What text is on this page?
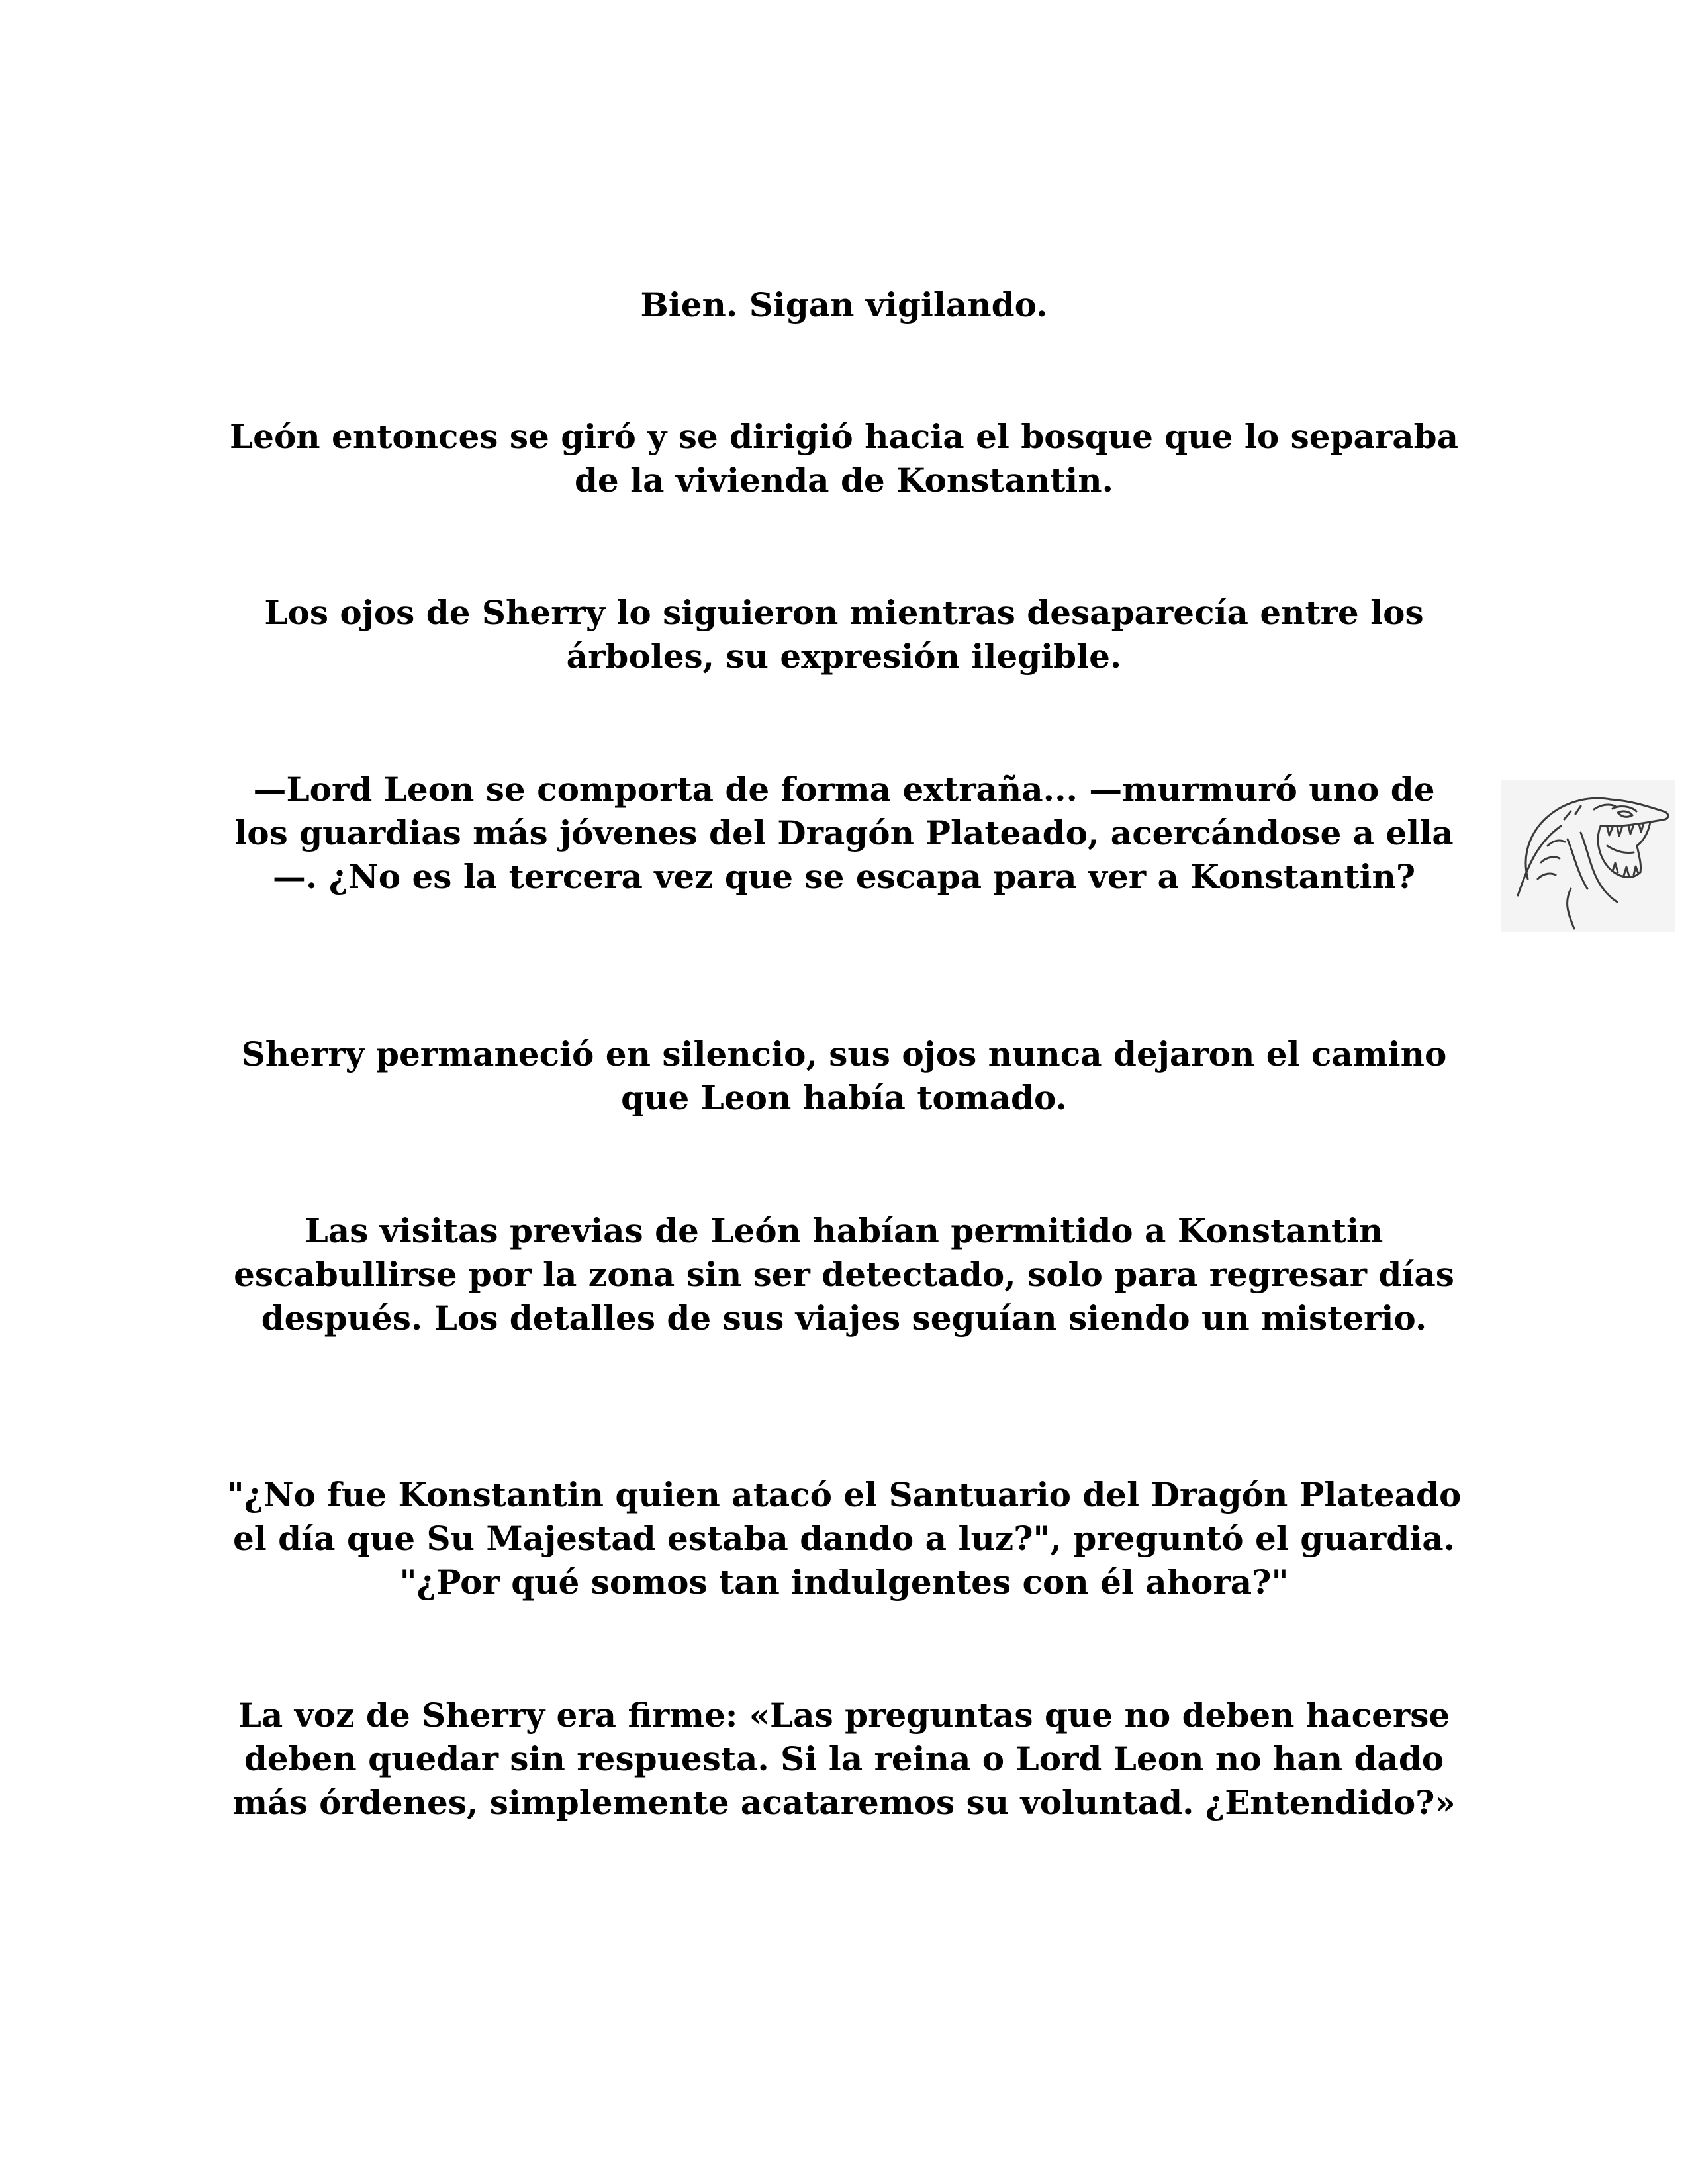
Bien. Sigan vigilando.

León entonces se giró y se dirigió hacia el bosque que lo separaba de la vivienda de Konstantin.

Los ojos de Sherry lo siguieron mientras desaparecía entre los árboles, su expresión ilegible.

—Lord Leon se comporta de forma extraña... —murmuró uno de los guardias más jóvenes del Dragón Plateado, acercándose a ella—. ¿No es la tercera vez que se escapa para ver a Konstantin?

Sherry permaneció en silencio, sus ojos nunca dejaron el camino que Leon había tomado.

Las visitas previas de León habían permitido a Konstantin escabullirse por la zona sin ser detectado, solo para regresar días después. Los detalles de sus viajes seguían siendo un misterio.

"¿No fue Konstantin quien atacó el Santuario del Dragón Plateado el día que Su Majestad estaba dando a luz?", preguntó el guardia. "¿Por qué somos tan indulgentes con él ahora?"

La voz de Sherry era firme: «Las preguntas que no deben hacerse deben quedar sin respuesta. Si la reina o Lord Leon no han dado más órdenes, simplemente acataremos su voluntad. ¿Entendido?»
